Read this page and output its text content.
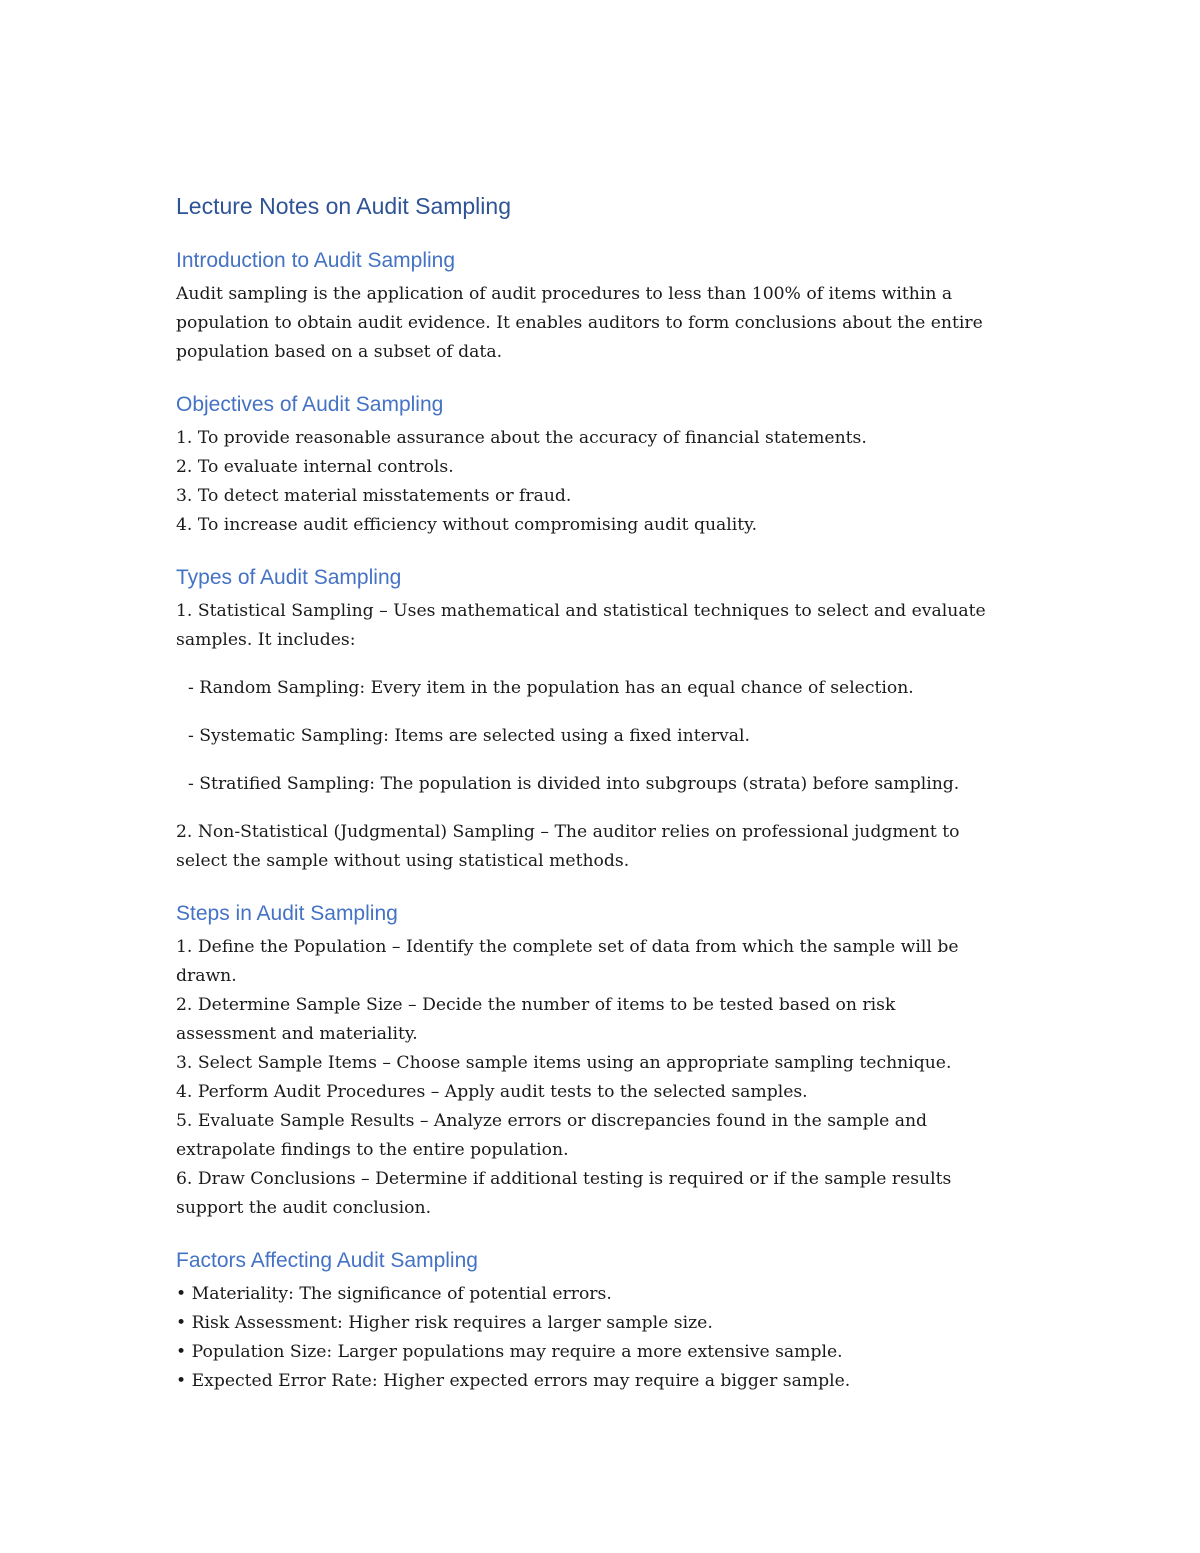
Lecture Notes on Audit Sampling
Introduction to Audit Sampling

Audit sampling is the application of audit procedures to less than 100% of items within a
population to obtain audit evidence. It enables auditors to form conclusions about the entire
population based on a subset of data.

Objectives of Audit Sampling
1. To provide reasonable assurance about the accuracy of financial statements.
2. To evaluate internal controls.
3. To detect material misstatements or fraud.
4. To increase audit efficiency without compromising audit quality.
Types of Audit Sampling

1. Statistical Sampling – Uses mathematical and statistical techniques to select and evaluate
samples. It includes:

- Random Sampling: Every item in the population has an equal chance of selection.
- Systematic Sampling: Items are selected using a fixed interval.
- Stratified Sampling: The population is divided into subgroups (strata) before sampling.

2. Non-Statistical (Judgmental) Sampling – The auditor relies on professional judgment to
select the sample without using statistical methods.

Steps in Audit Sampling
1. Define the Population – Identify the complete set of data from which the sample will be
drawn.
2. Determine Sample Size – Decide the number of items to be tested based on risk
assessment and materiality.
3. Select Sample Items – Choose sample items using an appropriate sampling technique.
4. Perform Audit Procedures – Apply audit tests to the selected samples.
5. Evaluate Sample Results – Analyze errors or discrepancies found in the sample and
extrapolate findings to the entire population.
6. Draw Conclusions – Determine if additional testing is required or if the sample results
support the audit conclusion.
Factors Affecting Audit Sampling
• Materiality: The significance of potential errors.
• Risk Assessment: Higher risk requires a larger sample size.
• Population Size: Larger populations may require a more extensive sample.
• Expected Error Rate: Higher expected errors may require a bigger sample.
